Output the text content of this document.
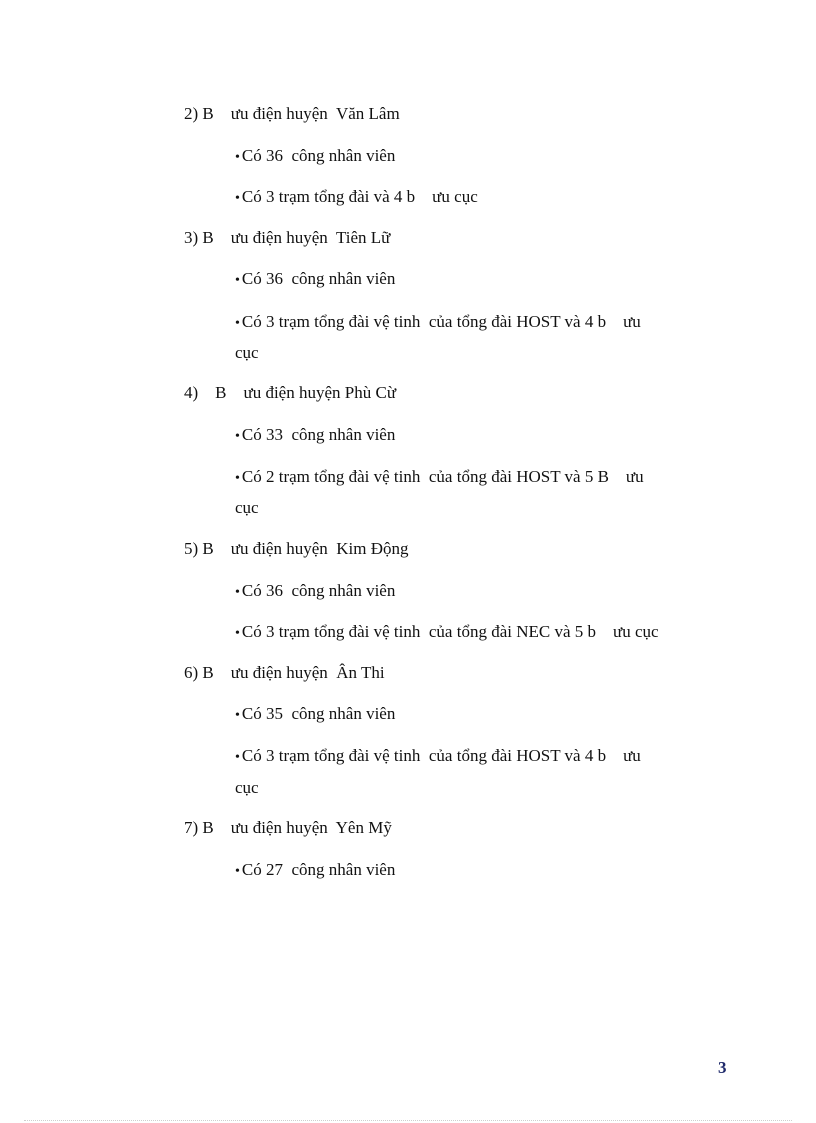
2) B    ưu điện huyện  Văn Lâm
• Có 36  công nhân viên
• Có 3 trạm tổng đài và 4 b    ưu cục
3) B    ưu điện huyện  Tiên Lữ
• Có 36  công nhân viên
• Có 3 trạm tổng đài vệ tinh  của tổng đài HOST và 4 b    ưu
cục
4)    B    ưu điện huyện Phù Cừ
• Có 33  công nhân viên
• Có 2 trạm tổng đài vệ tinh  của tổng đài HOST và 5 B    ưu
cục
5) B    ưu điện huyện  Kim Động
• Có 36  công nhân viên
• Có 3 trạm tổng đài vệ tinh  của tổng đài NEC và 5 b    ưu cục
6) B    ưu điện huyện  Ân Thi
• Có 35  công nhân viên
• Có 3 trạm tổng đài vệ tinh  của tổng đài HOST và 4 b    ưu
cục
7) B    ưu điện huyện  Yên Mỹ
• Có 27  công nhân viên
3
